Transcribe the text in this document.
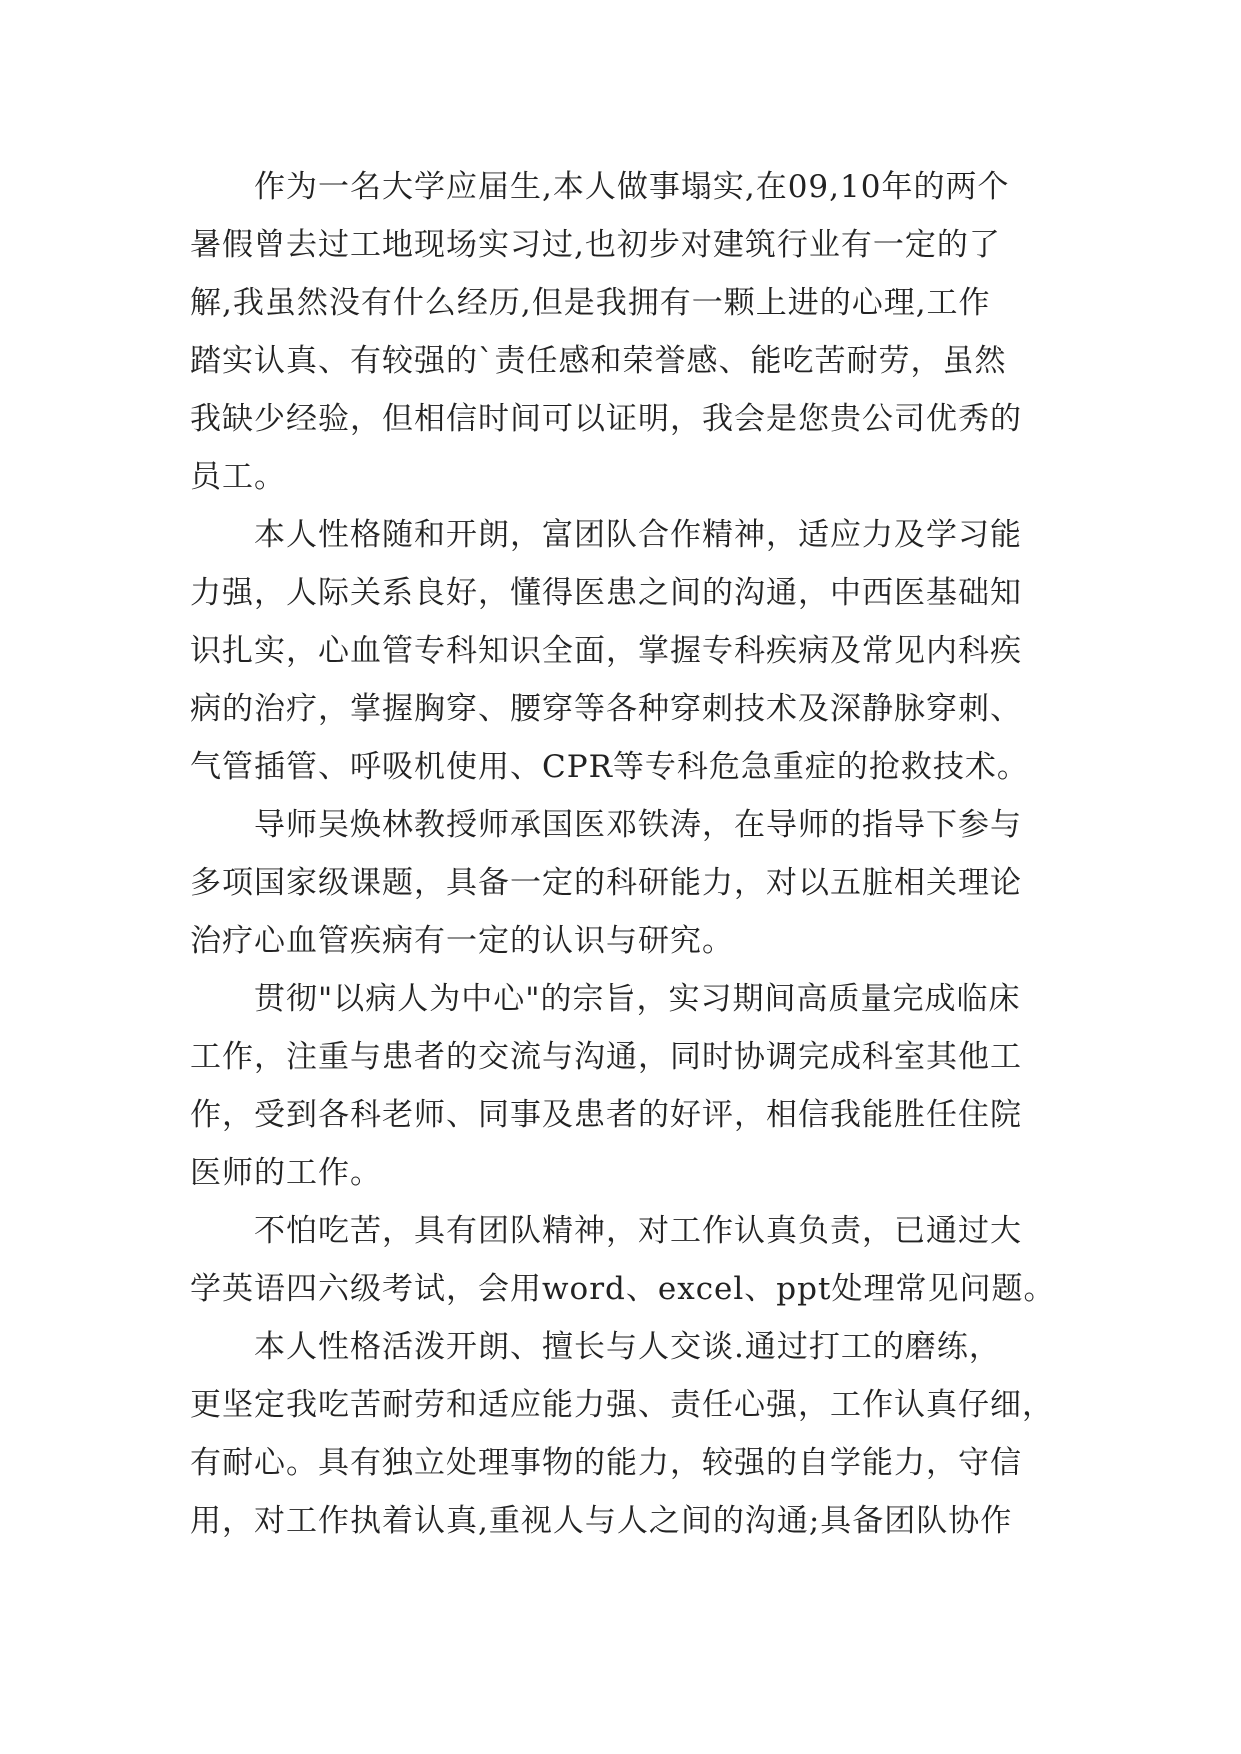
作为一名大学应届生,本人做事塌实,在09,10年的两个
暑假曾去过工地现场实习过,也初步对建筑行业有一定的了
解,我虽然没有什么经历,但是我拥有一颗上进的心理,工作
踏实认真、有较强的`责任感和荣誉感、能吃苦耐劳，虽然
我缺少经验，但相信时间可以证明，我会是您贵公司优秀的
员工。
本人性格随和开朗，富团队合作精神，适应力及学习能
力强，人际关系良好，懂得医患之间的沟通，中西医基础知
识扎实，心血管专科知识全面，掌握专科疾病及常见内科疾
病的治疗，掌握胸穿、腰穿等各种穿刺技术及深静脉穿刺、
气管插管、呼吸机使用、CPR等专科危急重症的抢救技术。
导师吴焕林教授师承国医邓铁涛，在导师的指导下参与
多项国家级课题，具备一定的科研能力，对以五脏相关理论
治疗心血管疾病有一定的认识与研究。
贯彻"以病人为中心"的宗旨，实习期间高质量完成临床
工作，注重与患者的交流与沟通，同时协调完成科室其他工
作，受到各科老师、同事及患者的好评，相信我能胜任住院
医师的工作。
不怕吃苦，具有团队精神，对工作认真负责，已通过大
学英语四六级考试，会用word、excel、ppt处理常见问题。
本人性格活泼开朗、擅长与人交谈.通过打工的磨练，
更坚定我吃苦耐劳和适应能力强、责任心强，工作认真仔细，
有耐心。具有独立处理事物的能力，较强的自学能力，守信
用，对工作执着认真,重视人与人之间的沟通;具备团队协作
